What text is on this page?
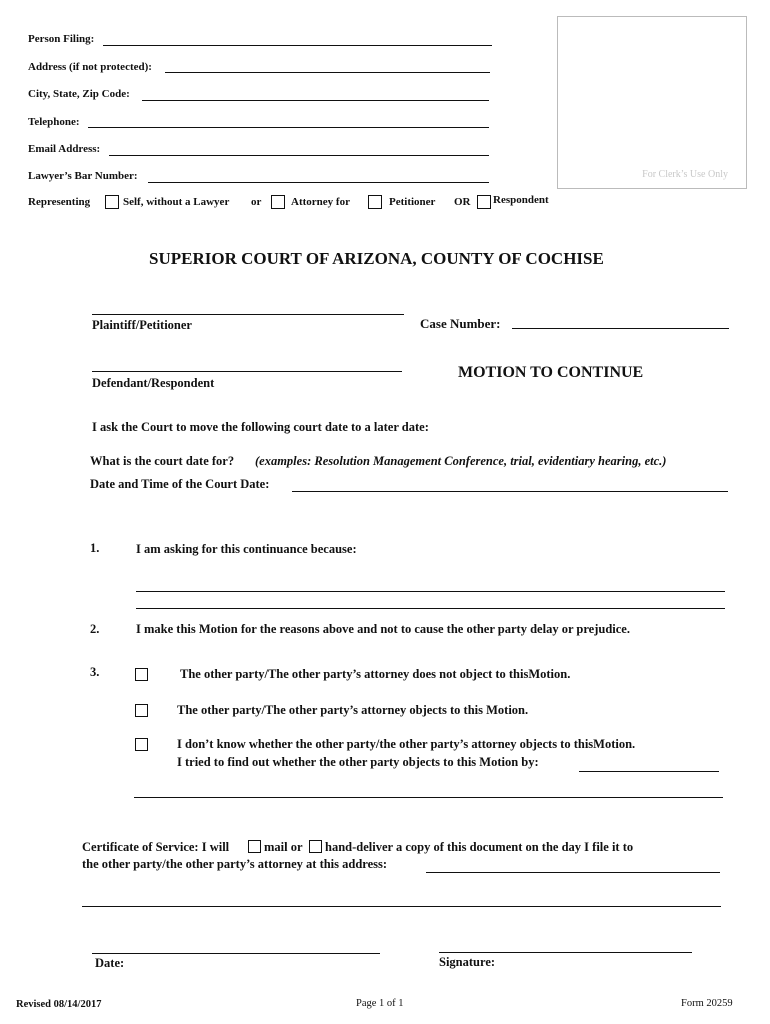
Person Filing:
Address (if not protected):
City, State, Zip Code:
Telephone:
Email Address:
Lawyer’s Bar Number:
Representing	Self, without a Lawyer or	Attorney for	Petitioner OR Respondent
For Clerk’s Use Only
SUPERIOR COURT OF ARIZONA, COUNTY OF COCHISE
Plaintiff/Petitioner	Case Number:
Defendant/Respondent
MOTION TO CONTINUE
I ask the Court to move the following court date to a later date:
What is the court date for? (examples: Resolution Management Conference, trial, evidentiary hearing, etc.)
Date and Time of the Court Date:
1.	I am asking for this continuance because:
2.	I make this Motion for the reasons above and not to cause the other party delay or prejudice.
3.	The other party/The other party’s attorney does not object to thisMotion.
The other party/The other party’s attorney objects to this Motion.
I don’t know whether the other party/the other party’s attorney objects to thisMotion.
I tried to find out whether the other party objects to this Motion by:
Certificate of Service: I will	mail or hand-deliver a copy of this document on the day I file it to
the other party/the other party’s attorney at this address:
Date:	Signature:
Revised 08/14/2017	Page 1 of 1	Form 20259
